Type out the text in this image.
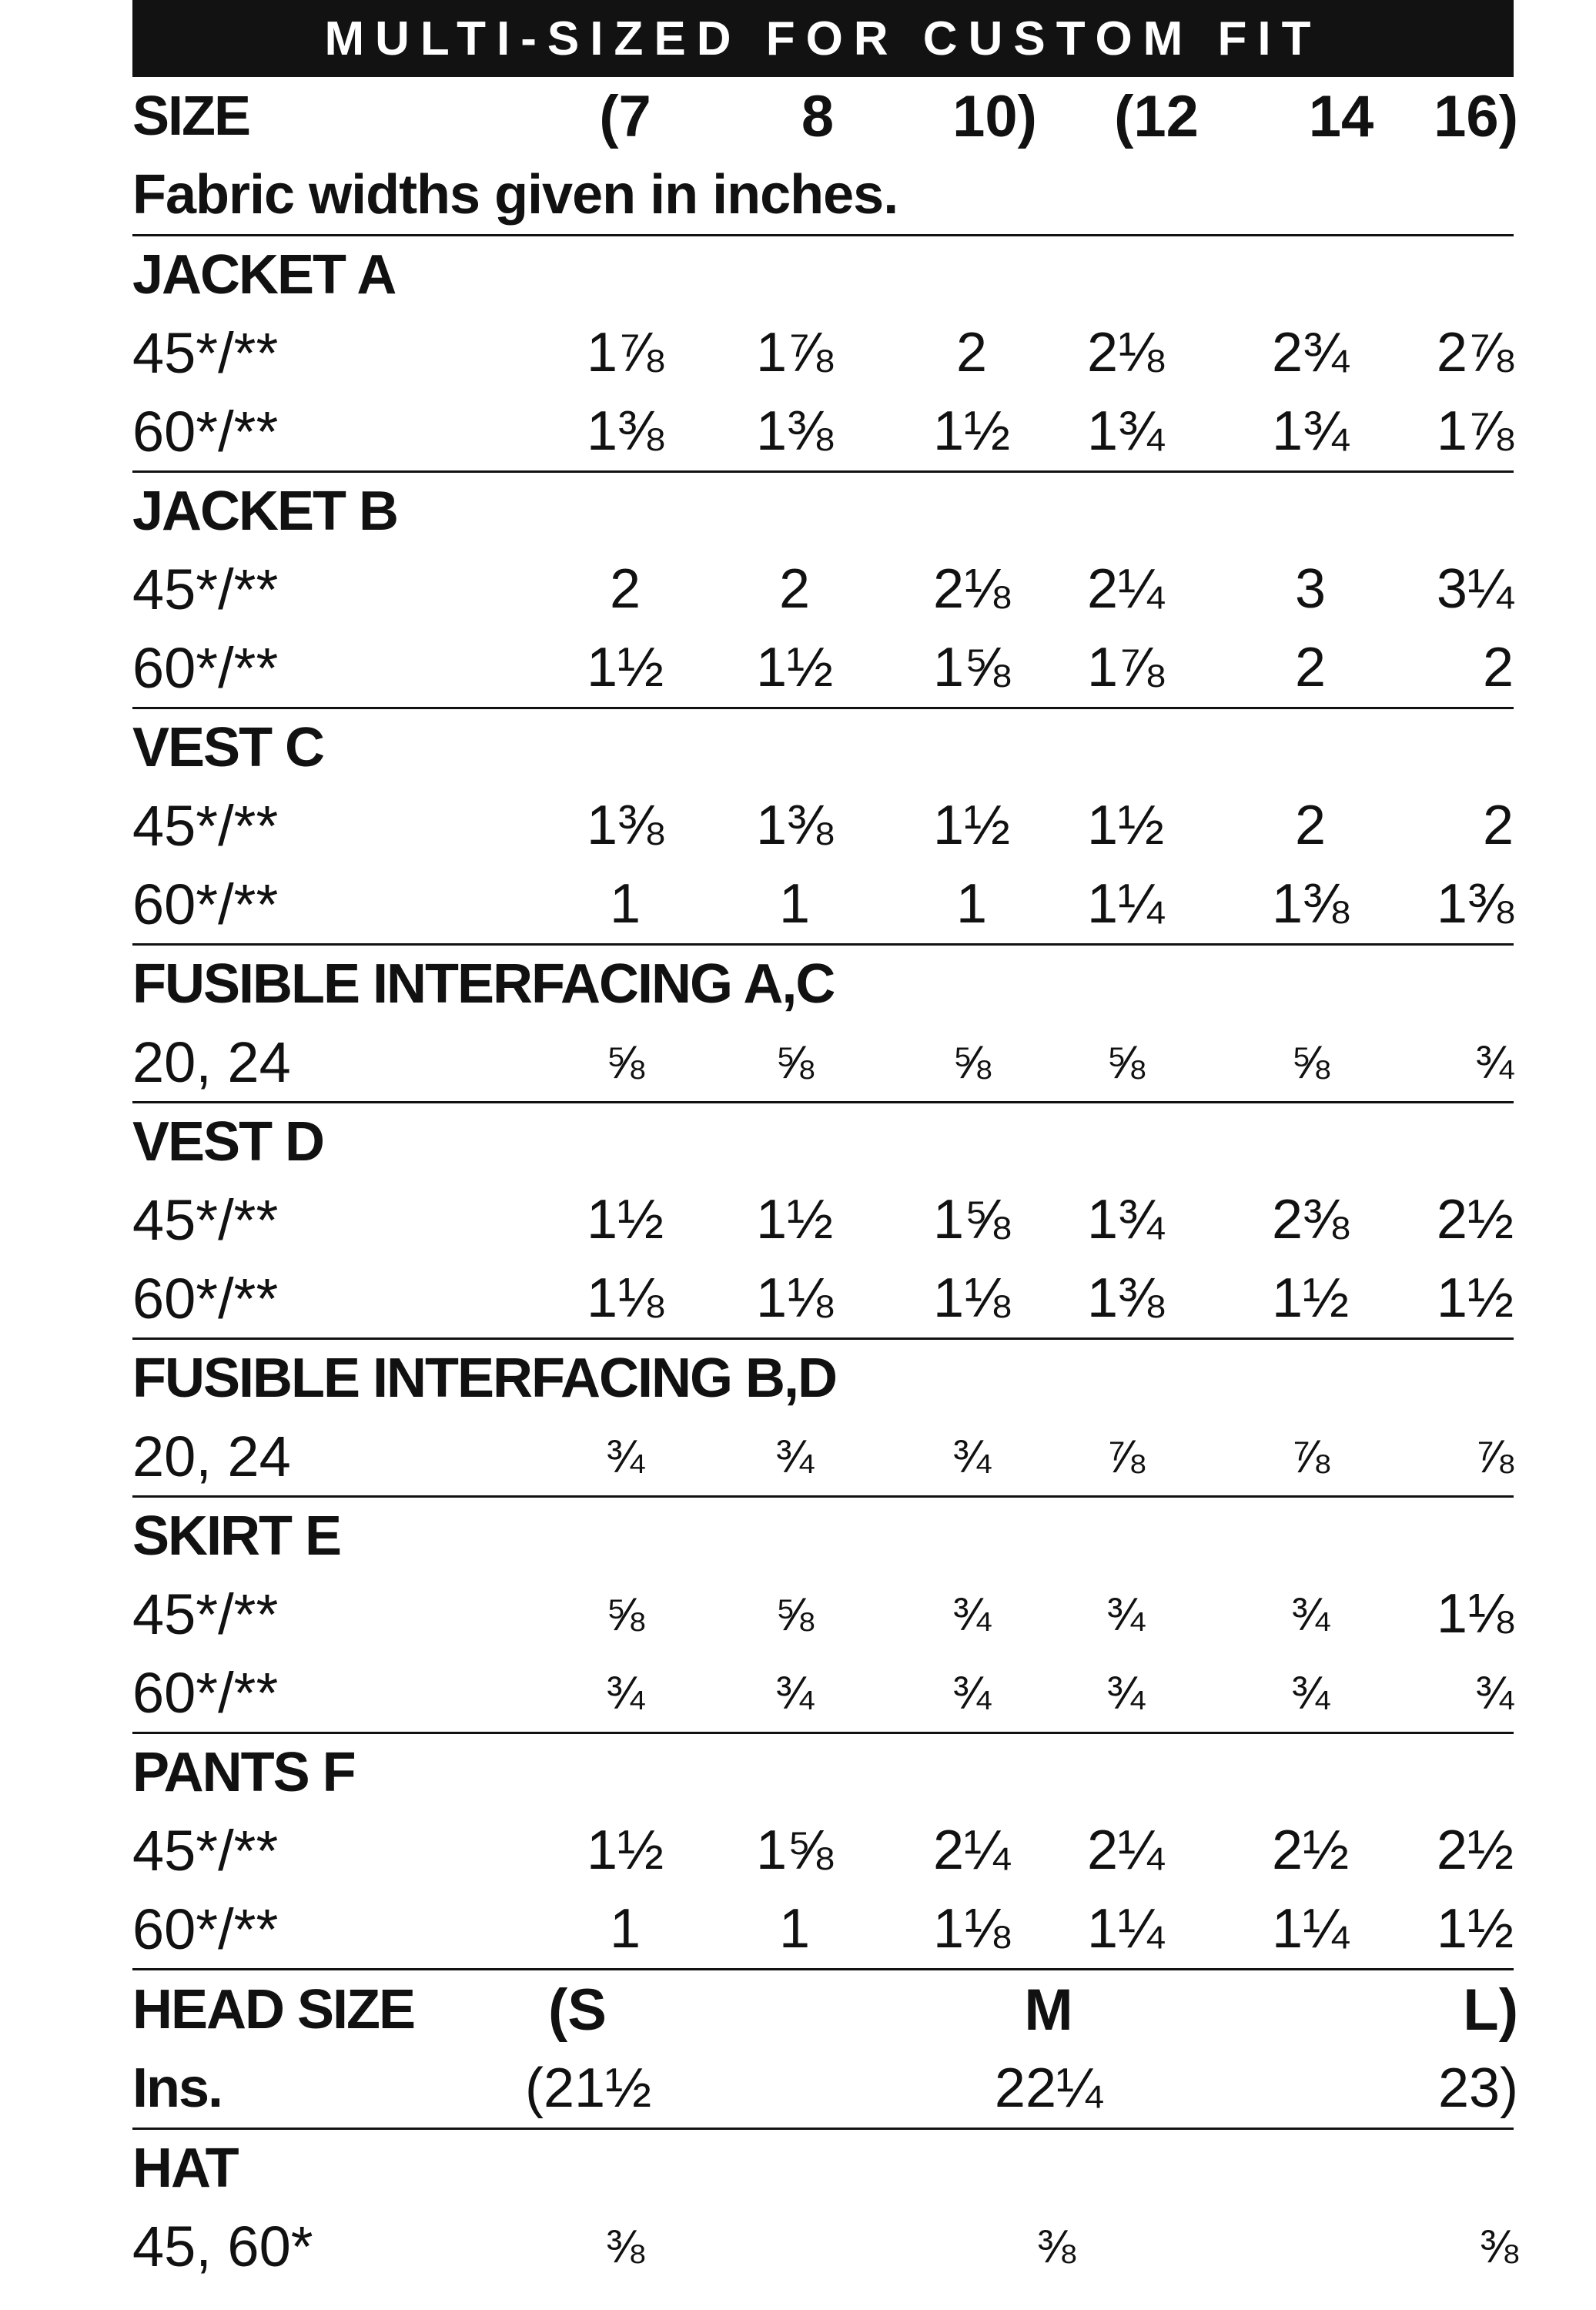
MULTI-SIZED FOR CUSTOM FIT
SIZE	(7	8	10)	(12	14	16)
Fabric widths given in inches.
JACKET A
45*/**	1⅞	1⅞	2	2⅛	2¾	2⅞
60*/**	1⅜	1⅜	1½	1¾	1¾	1⅞
JACKET B
45*/**	2	2	2⅛	2¼	3	3¼
60*/**	1½	1½	1⅝	1⅞	2	2
VEST C
45*/**	1⅜	1⅜	1½	1½	2	2
60*/**	1	1	1	1¼	1⅜	1⅜
FUSIBLE INTERFACING A,C
20, 24	⅝	⅝	⅝	⅝	⅝	¾
VEST D
45*/**	1½	1½	1⅝	1¾	2⅜	2½
60*/**	1⅛	1⅛	1⅛	1⅜	1½	1½
FUSIBLE INTERFACING B,D
20, 24	¾	¾	¾	⅞	⅞	⅞
SKIRT E
45*/**	⅝	⅝	¾	¾	¾	1⅛
60*/**	¾	¾	¾	¾	¾	¾
PANTS F
45*/**	1½	1⅝	2¼	2¼	2½	2½
60*/**	1	1	1⅛	1¼	1¼	1½
HEAD SIZE (S	M	L)
Ins.	(21½	22¼	23)
HAT
45, 60*	⅜	⅜	⅜
